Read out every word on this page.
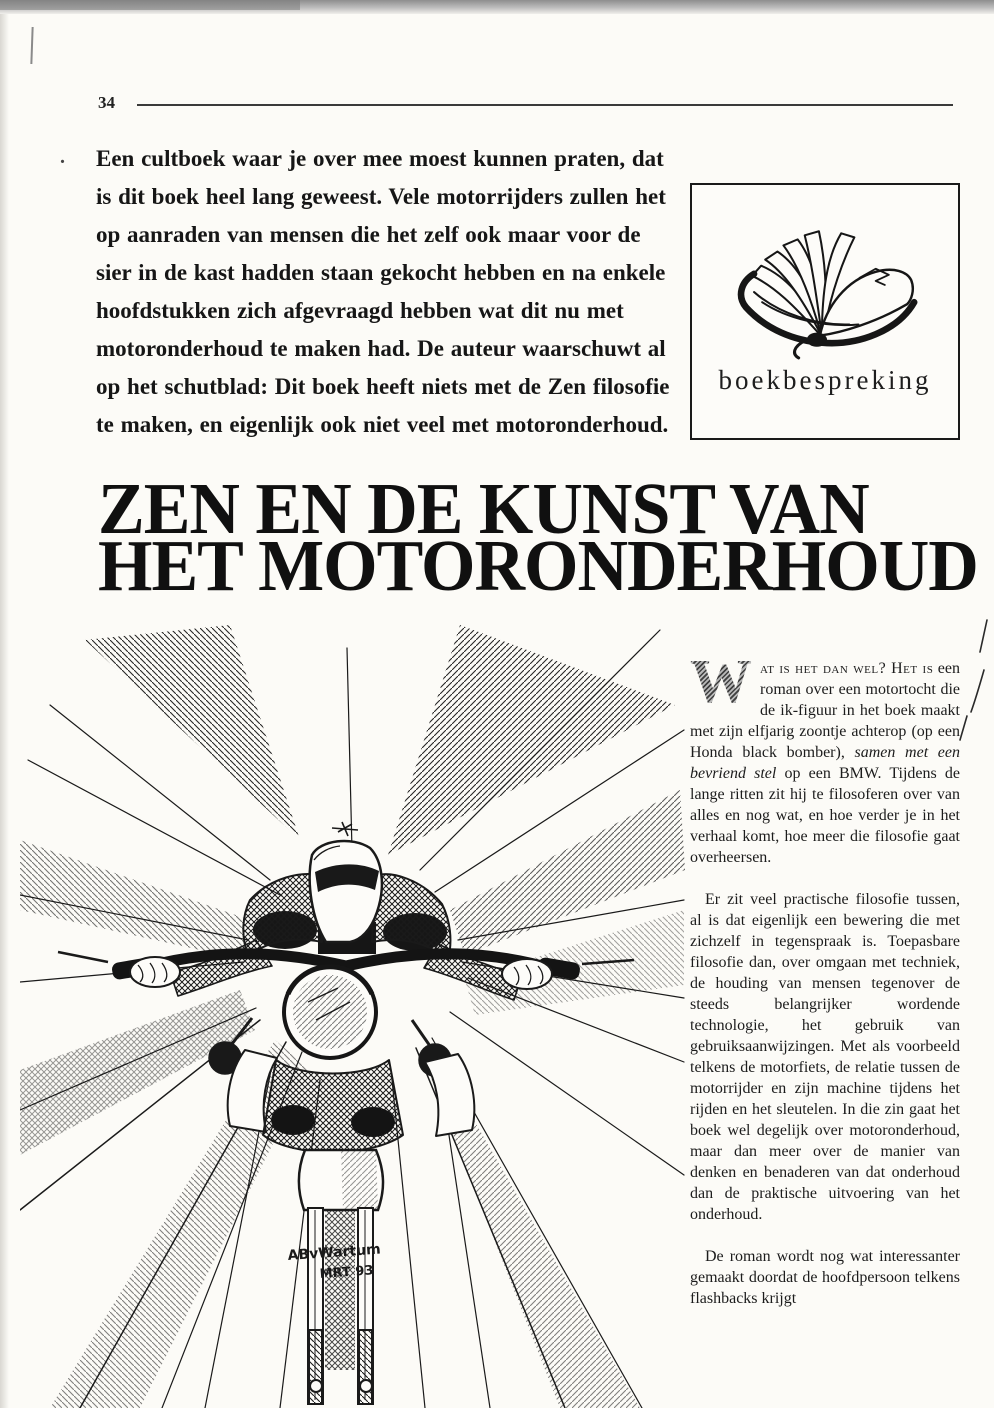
34
. Een cultboek waar je over mee moest kunnen praten, dat is dit boek heel lang geweest. Vele motorrijders zullen het op aanraden van mensen die het zelf ook maar voor de sier in de kast hadden staan gekocht hebben en na enkele hoofdstukken zich afgevraagd hebben wat dit nu met motoronderhoud te maken had. De auteur waarschuwt al op het schutblad: Dit boek heeft niets met de Zen filosofie te maken, en eigenlijk ook niet veel met motoronderhoud.

boekbespreking
ZEN EN DE KUNST VAN
HET MOTORONDERHOUD
ABvWartum
MRT 93

W at is het dan wel? Het is een roman over een motortocht die de ik-figuur in het boek maakt met zijn elfjarig zoontje achterop (op een Honda black bomber), samen met een bevriend stel op een BMW. Tijdens de lange ritten zit hij te filosoferen over van alles en nog wat, en hoe verder je in het verhaal komt, hoe meer die filosofie gaat overheersen.

Er zit veel practische filosofie tussen, al is dat eigenlijk een bewering die met zichzelf in tegenspraak is. Toepasbare filosofie dan, over omgaan met techniek, de houding van mensen tegenover de steeds belangrijker wordende technologie, het gebruik van gebruiksaanwijzingen. Met als voorbeeld telkens de motorfiets, de relatie tussen de motorrijder en zijn machine tijdens het rijden en het sleutelen. In die zin gaat het boek wel degelijk over motoronderhoud, maar dan meer over de manier van denken en benaderen van dat onderhoud dan de praktische uitvoering van het onderhoud.

De roman wordt nog wat interessanter gemaakt doordat de hoofdpersoon telkens flashbacks krijgt
